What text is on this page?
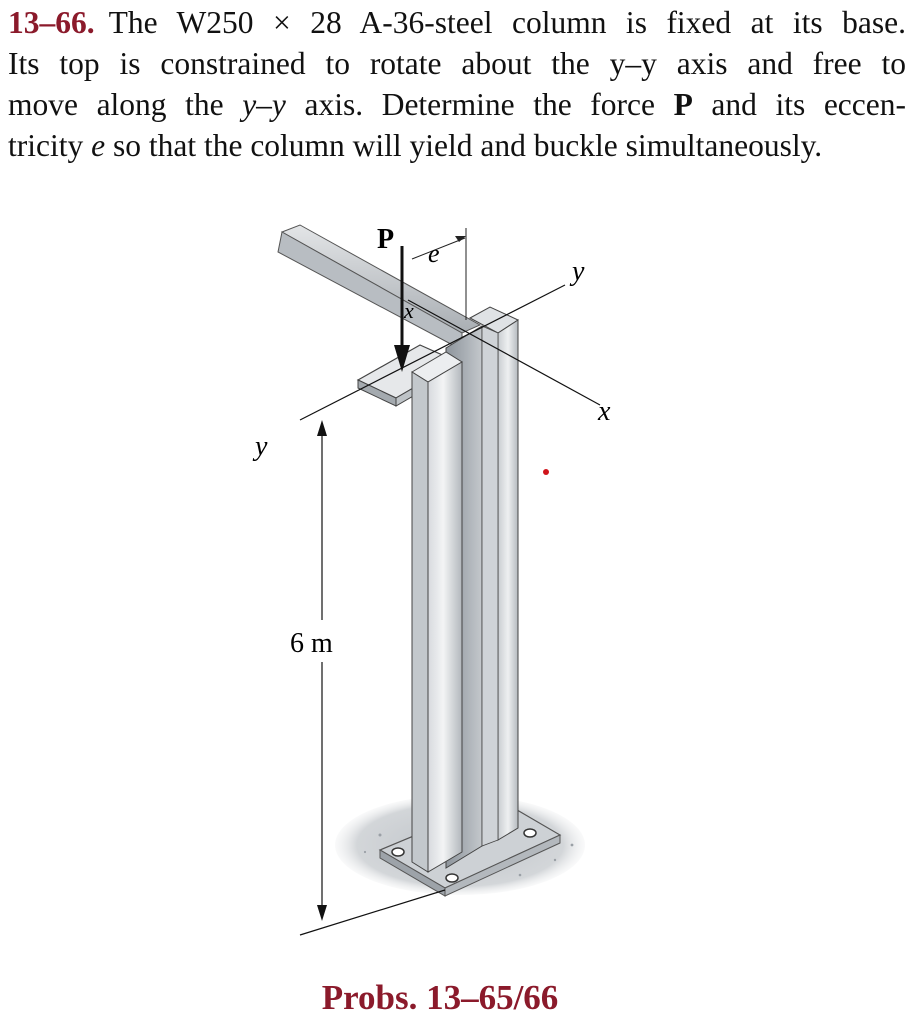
13–66. The W250 × 28 A-36-steel column is fixed at its base.
Its top is constrained to rotate about the y–y axis and free to
move along the y–y axis. Determine the force P and its eccen-
tricity e so that the column will yield and buckle simultaneously.
P e
y
y
x
x
6 m
Probs. 13–65/66
